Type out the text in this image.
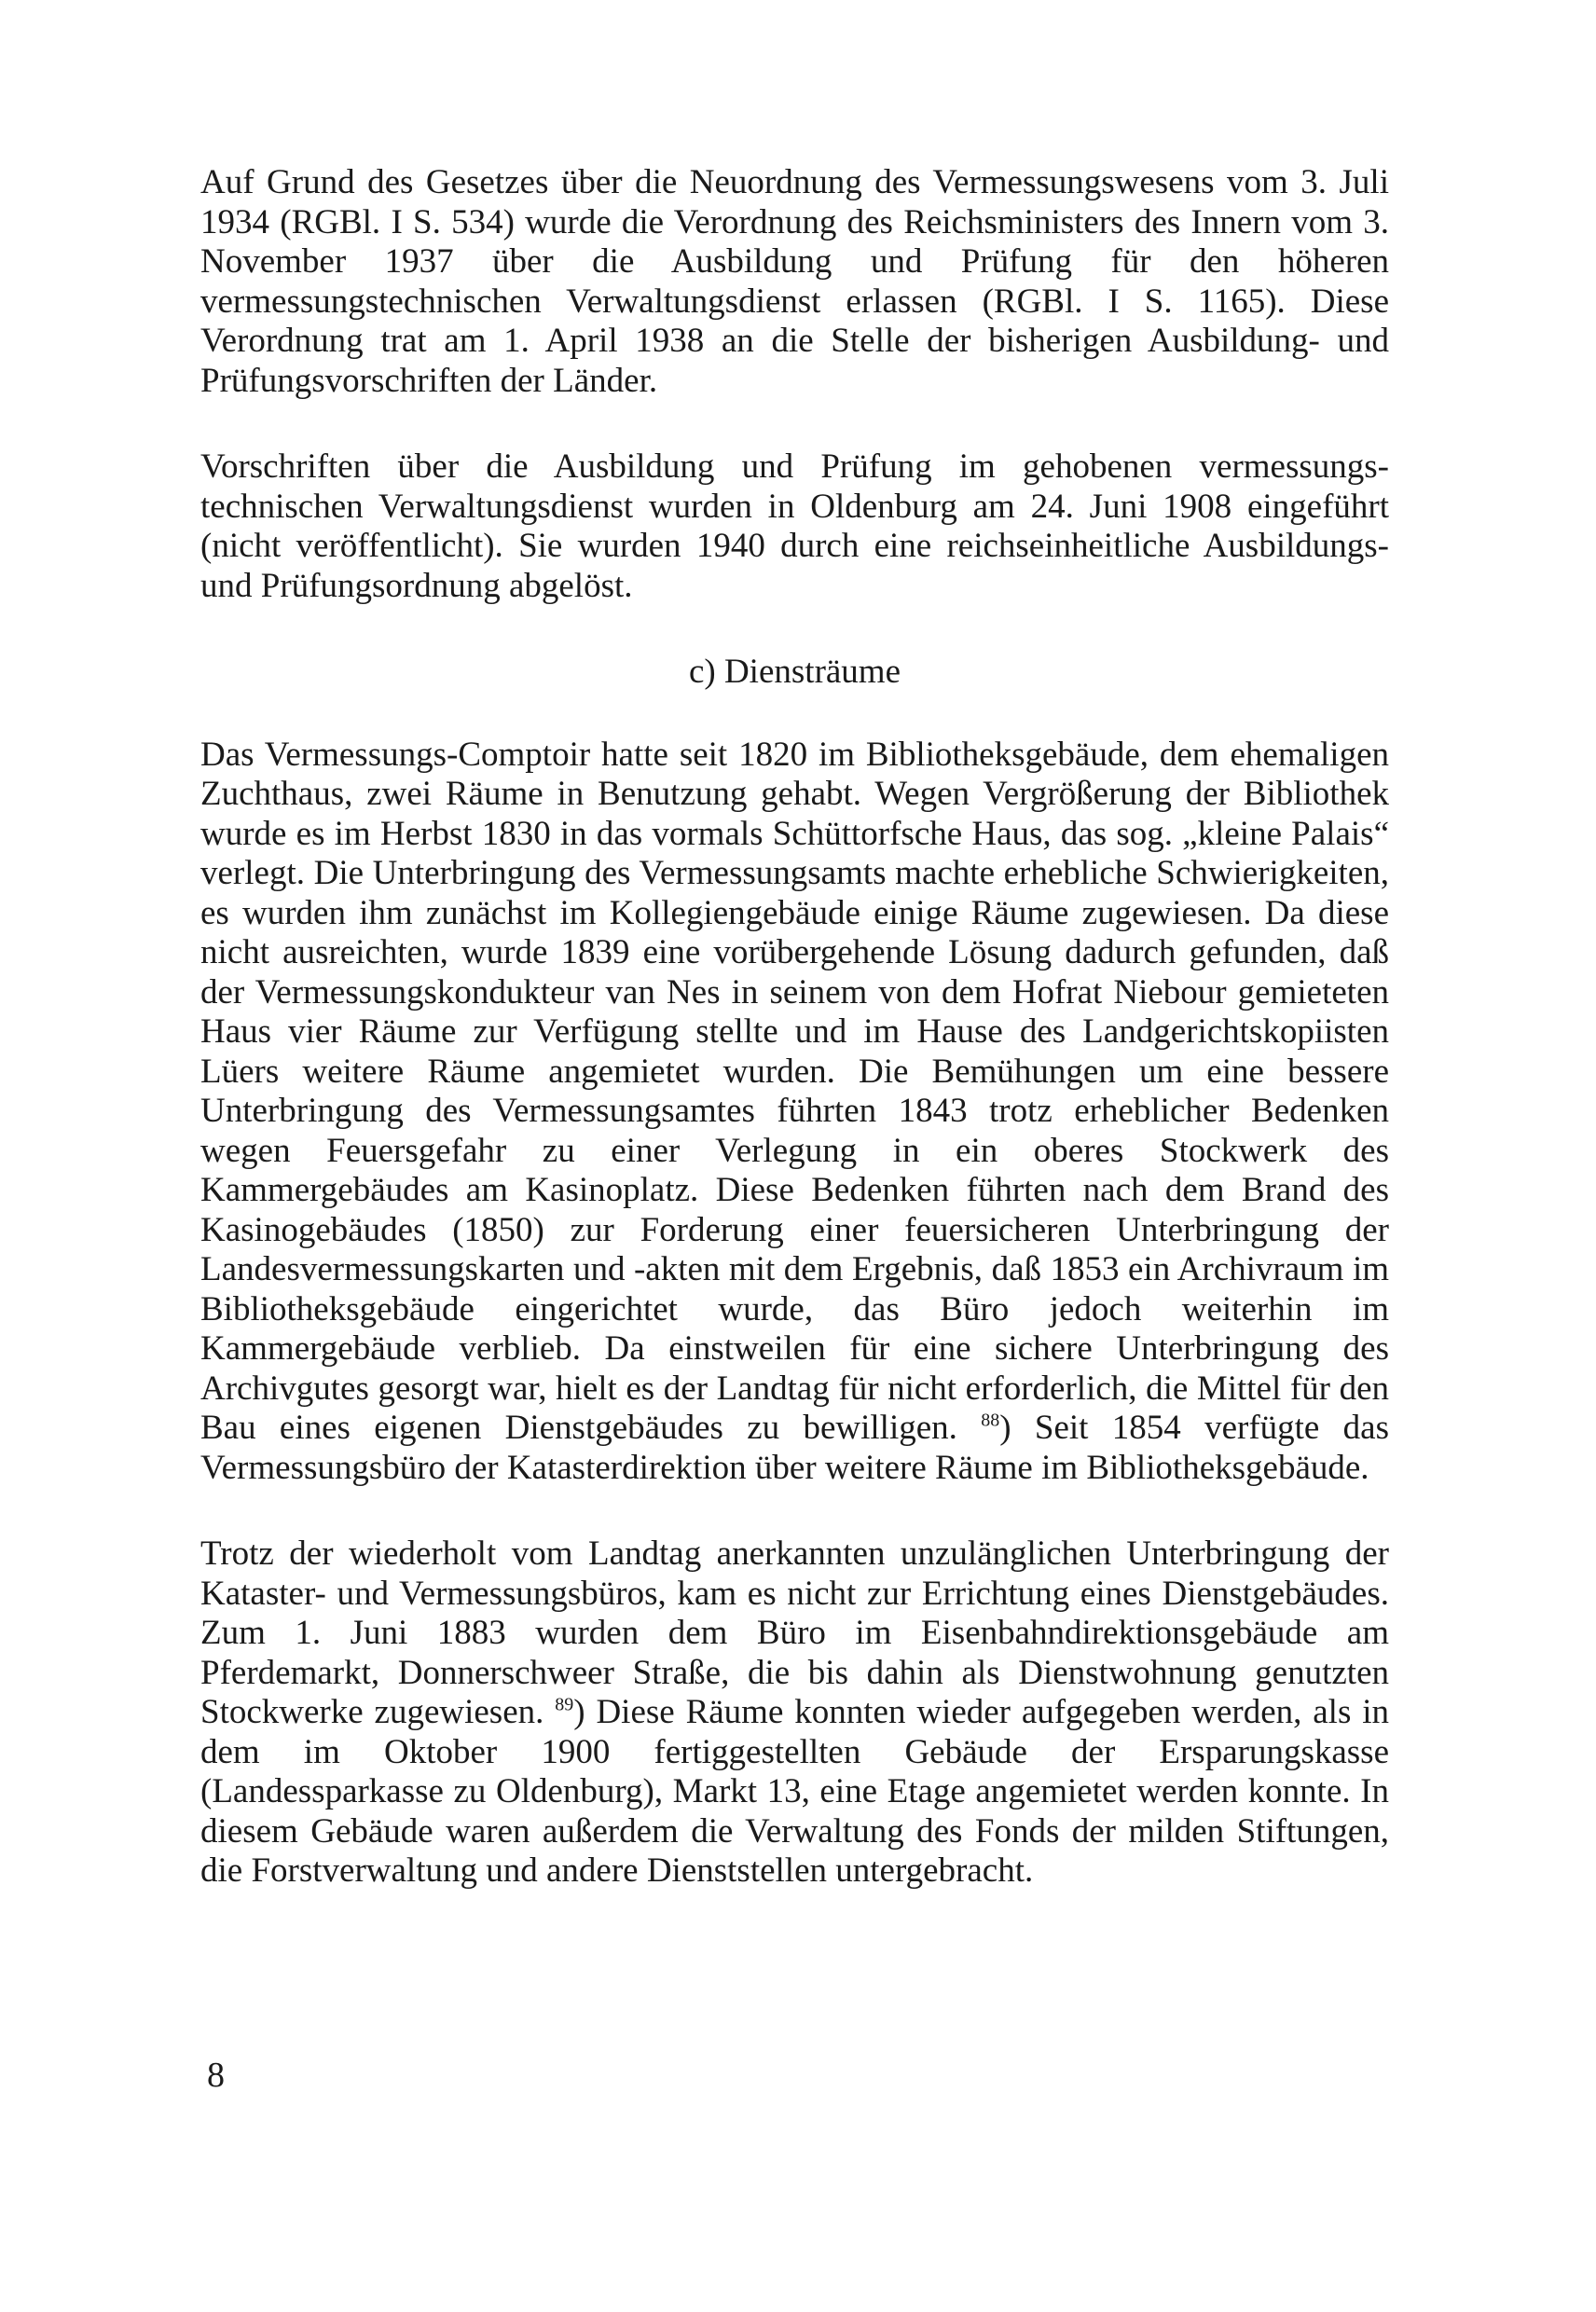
Auf Grund des Gesetzes über die Neuordnung des Vermessungswesens vom 3. Juli 1934 (RGBl. I S. 534) wurde die Verordnung des Reichsministers des Innern vom 3. November 1937 über die Ausbildung und Prüfung für den höheren vermessungstechnischen Verwaltungsdienst erlassen (RGBl. I S. 1165). Diese Verordnung trat am 1. April 1938 an die Stelle der bisherigen Ausbildung- und Prüfungsvorschriften der Länder.

Vorschriften über die Ausbildung und Prüfung im gehobenen vermessungstechnischen Verwaltungsdienst wurden in Oldenburg am 24. Juni 1908 eingeführt (nicht veröffentlicht). Sie wurden 1940 durch eine reichseinheitliche Ausbildungs- und Prüfungsordnung abgelöst.

c) Diensträume

Das Vermessungs-Comptoir hatte seit 1820 im Bibliotheksgebäude, dem ehemaligen Zuchthaus, zwei Räume in Benutzung gehabt. Wegen Vergrößerung der Bibliothek wurde es im Herbst 1830 in das vormals Schüttorfsche Haus, das sog. „kleine Palais“ verlegt. Die Unterbringung des Vermessungsamts machte erhebliche Schwierigkeiten, es wurden ihm zunächst im Kollegiengebäude einige Räume zugewiesen. Da diese nicht ausreichten, wurde 1839 eine vorübergehende Lösung dadurch gefunden, daß der Vermessungskondukteur van Nes in seinem von dem Hofrat Niebour gemieteten Haus vier Räume zur Verfügung stellte und im Hause des Landgerichtskopiisten Lüers weitere Räume angemietet wurden. Die Bemühungen um eine bessere Unterbringung des Vermessungsamtes führten 1843 trotz erheblicher Bedenken wegen Feuersgefahr zu einer Verlegung in ein oberes Stockwerk des Kammergebäudes am Kasinoplatz. Diese Bedenken führten nach dem Brand des Kasinogebäudes (1850) zur Forderung einer feuersicheren Unterbringung der Landesvermessungskarten und -akten mit dem Ergebnis, daß 1853 ein Archivraum im Bibliotheksgebäude eingerichtet wurde, das Büro jedoch weiterhin im Kammergebäude verblieb. Da einstweilen für eine sichere Unterbringung des Archivgutes gesorgt war, hielt es der Landtag für nicht erforderlich, die Mittel für den Bau eines eigenen Dienstgebäudes zu bewilligen. $^{88}$) Seit 1854 verfügte das Vermessungsbüro der Katasterdirektion über weitere Räume im Bibliotheksgebäude.

Trotz der wiederholt vom Landtag anerkannten unzulänglichen Unterbringung der Kataster- und Vermessungsbüros, kam es nicht zur Errichtung eines Dienstgebäudes. Zum 1. Juni 1883 wurden dem Büro im Eisenbahndirektionsgebäude am Pferdemarkt, Donnerschweer Straße, die bis dahin als Dienstwohnung genutzten Stockwerke zugewiesen. $^{89}$) Diese Räume konnten wieder aufgegeben werden, als in dem im Oktober 1900 fertiggestellten Gebäude der Ersparungskasse (Landessparkasse zu Oldenburg), Markt 13, eine Etage angemietet werden konnte. In diesem Gebäude waren außerdem die Verwaltung des Fonds der milden Stiftungen, die Forstverwaltung und andere Dienststellen untergebracht.

8
